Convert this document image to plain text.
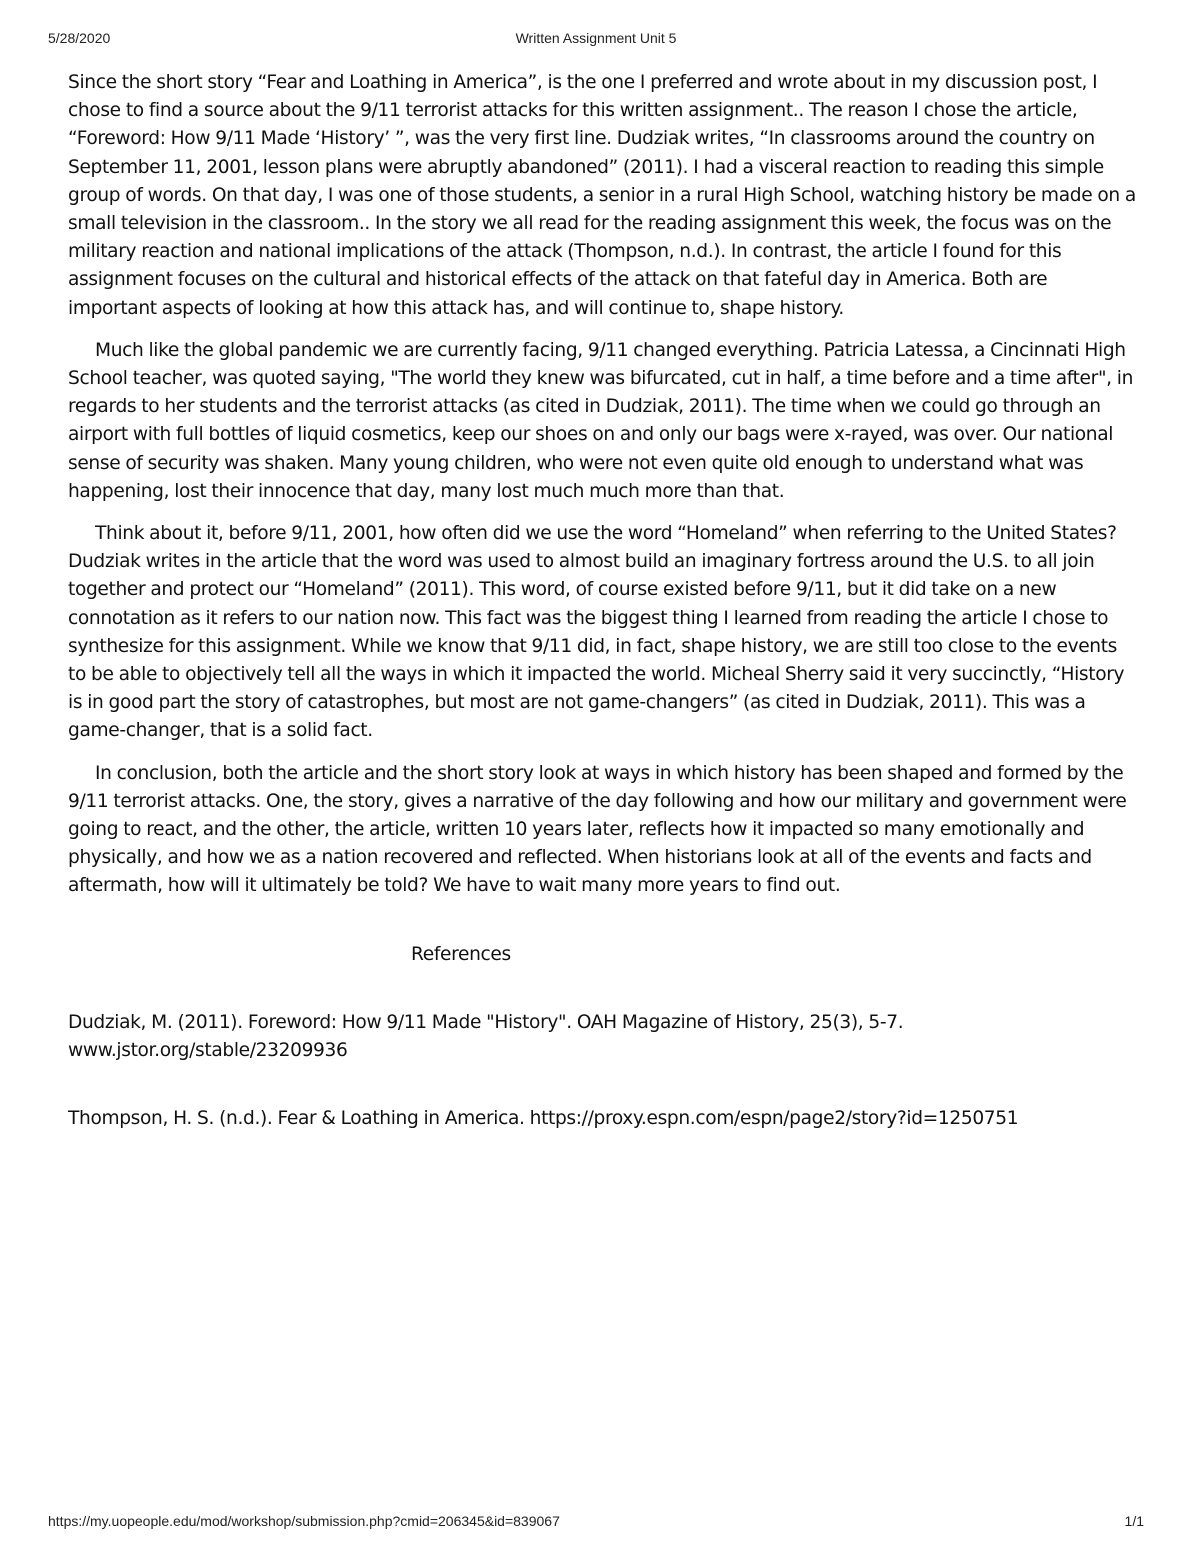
5/28/2020	Written Assignment Unit 5

Since the short story “Fear and Loathing in America”, is the one I preferred and wrote about in my discussion post, I chose to find a source about the 9/11 terrorist attacks for this written assignment.. The reason I chose the article, “Foreword: How 9/11 Made ‘History’ ”, was the very first line. Dudziak writes, “In classrooms around the country on September 11, 2001, lesson plans were abruptly abandoned” (2011). I had a visceral reaction to reading this simple group of words. On that day, I was one of those students, a senior in a rural High School, watching history be made on a small television in the classroom.. In the story we all read for the reading assignment this week, the focus was on the military reaction and national implications of the attack (Thompson, n.d.). In contrast, the article I found for this assignment focuses on the cultural and historical effects of the attack on that fateful day in America. Both are important aspects of looking at how this attack has, and will continue to, shape history.

Much like the global pandemic we are currently facing, 9/11 changed everything. Patricia Latessa, a Cincinnati High School teacher, was quoted saying, "The world they knew was bifurcated, cut in half, a time before and a time after", in regards to her students and the terrorist attacks (as cited in Dudziak, 2011). The time when we could go through an airport with full bottles of liquid cosmetics, keep our shoes on and only our bags were x-rayed, was over. Our national sense of security was shaken. Many young children, who were not even quite old enough to understand what was happening, lost their innocence that day, many lost much much more than that.

Think about it, before 9/11, 2001, how often did we use the word “Homeland” when referring to the United States? Dudziak writes in the article that the word was used to almost build an imaginary fortress around the U.S. to all join together and protect our “Homeland” (2011). This word, of course existed before 9/11, but it did take on a new connotation as it refers to our nation now. This fact was the biggest thing I learned from reading the article I chose to synthesize for this assignment. While we know that 9/11 did, in fact, shape history, we are still too close to the events to be able to objectively tell all the ways in which it impacted the world. Micheal Sherry said it very succinctly, “History is in good part the story of catastrophes, but most are not game-changers” (as cited in Dudziak, 2011). This was a game-changer, that is a solid fact.

In conclusion, both the article and the short story look at ways in which history has been shaped and formed by the 9/11 terrorist attacks. One, the story, gives a narrative of the day following and how our military and government were going to react, and the other, the article, written 10 years later, reflects how it impacted so many emotionally and physically, and how we as a nation recovered and reflected. When historians look at all of the events and facts and aftermath, how will it ultimately be told? We have to wait many more years to find out.

References
Dudziak, M. (2011). Foreword: How 9/11 Made "History". OAH Magazine of History, 25(3), 5-7.
www.jstor.org/stable/23209936
Thompson, H. S. (n.d.). Fear & Loathing in America. https://proxy.espn.com/espn/page2/story?id=1250751
https://my.uopeople.edu/mod/workshop/submission.php?cmid=206345&id=839067	1/1
